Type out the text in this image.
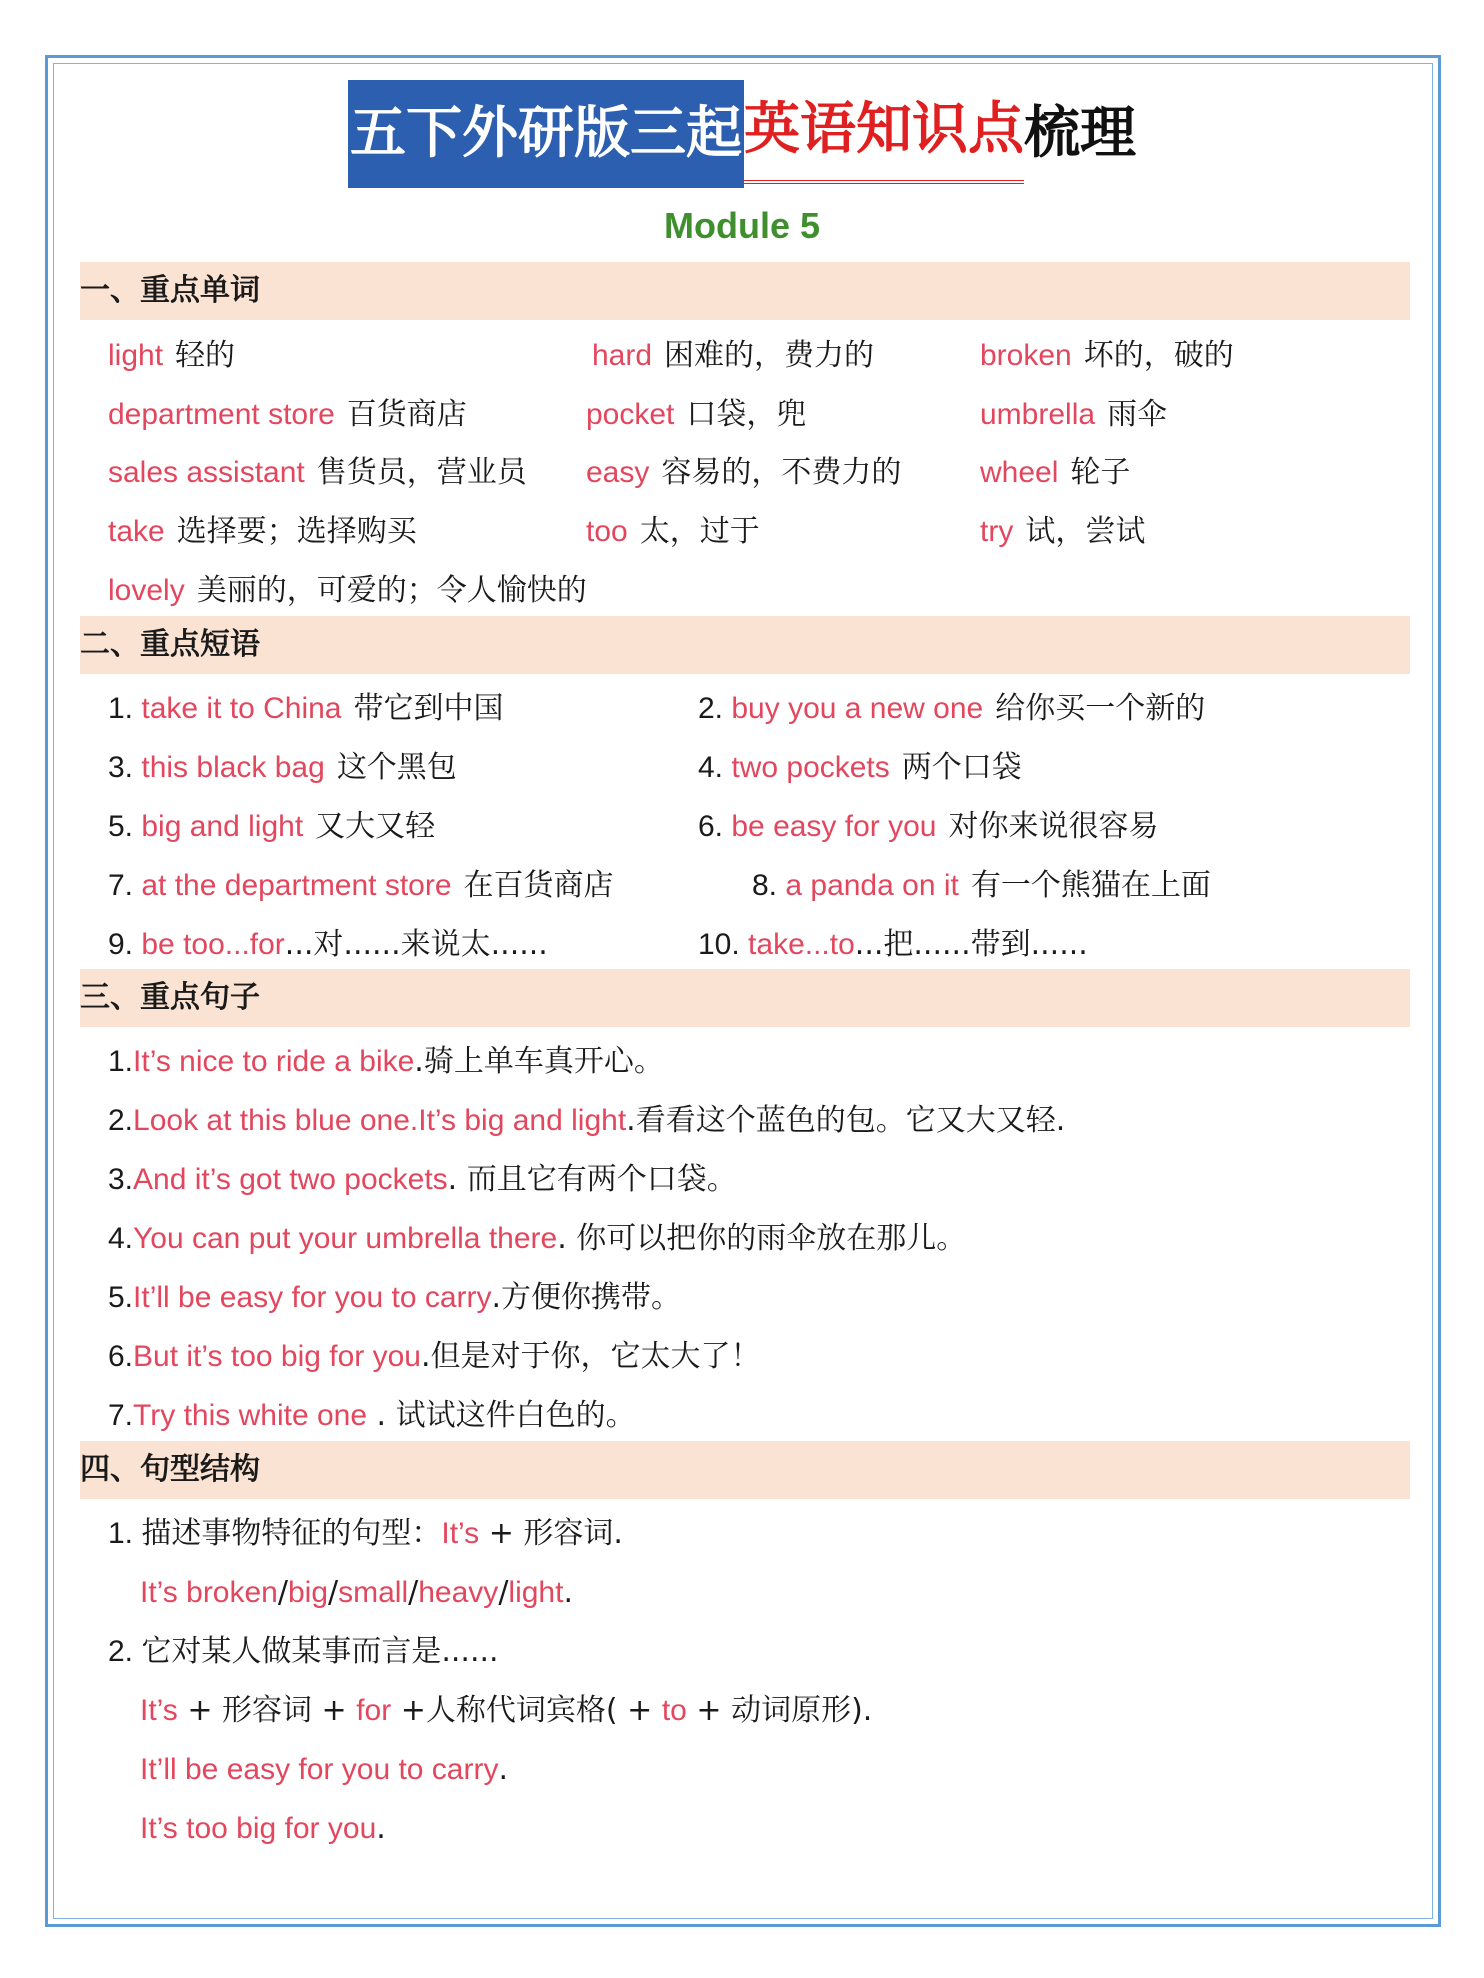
五下外研版三起英语知识点梳理
Module 5
一、重点单词
light 轻的	hard 困难的，费力的	broken 坏的，破的
department store 百货商店	pocket 口袋，兜	umbrella 雨伞
sales assistant 售货员，营业员 easy 容易的，不费力的	wheel 轮子
take 选择要；选择购买	too 太，过于	try 试，尝试
lovely 美丽的，可爱的；令人愉快的
二、重点短语
1. take it to China 带它到中国	2. buy you a new one 给你买一个新的
3. this black bag 这个黑包	4. two pockets 两个口袋
5. big and light 又大又轻	6. be easy for you 对你来说很容易
7. at the department store 在百货商店	8. a panda on it 有一个熊猫在上面
9. be too...for...对......来说太......	10. take...to...把......带到......
三、重点句子
1.It’s nice to ride a bike.骑上单车真开心。
2.Look at this blue one.It’s big and light.看看这个蓝色的包。它又大又轻.
3.And it’s got two pockets. 而且它有两个口袋。
4.You can put your umbrella there. 你可以把你的雨伞放在那儿。
5.It’ll be easy for you to carry.方便你携带。
6.But it’s too big for you.但是对于你，它太大了！
7.Try this white one . 试试这件白色的。
四、句型结构
1. 描述事物特征的句型：It’s + 形容词.
It’s broken/big/small/heavy/light.
2. 它对某人做某事而言是......
It’s + 形容词 + for +人称代词宾格( + to + 动词原形).
It’ll be easy for you to carry.
It’s too big for you.
